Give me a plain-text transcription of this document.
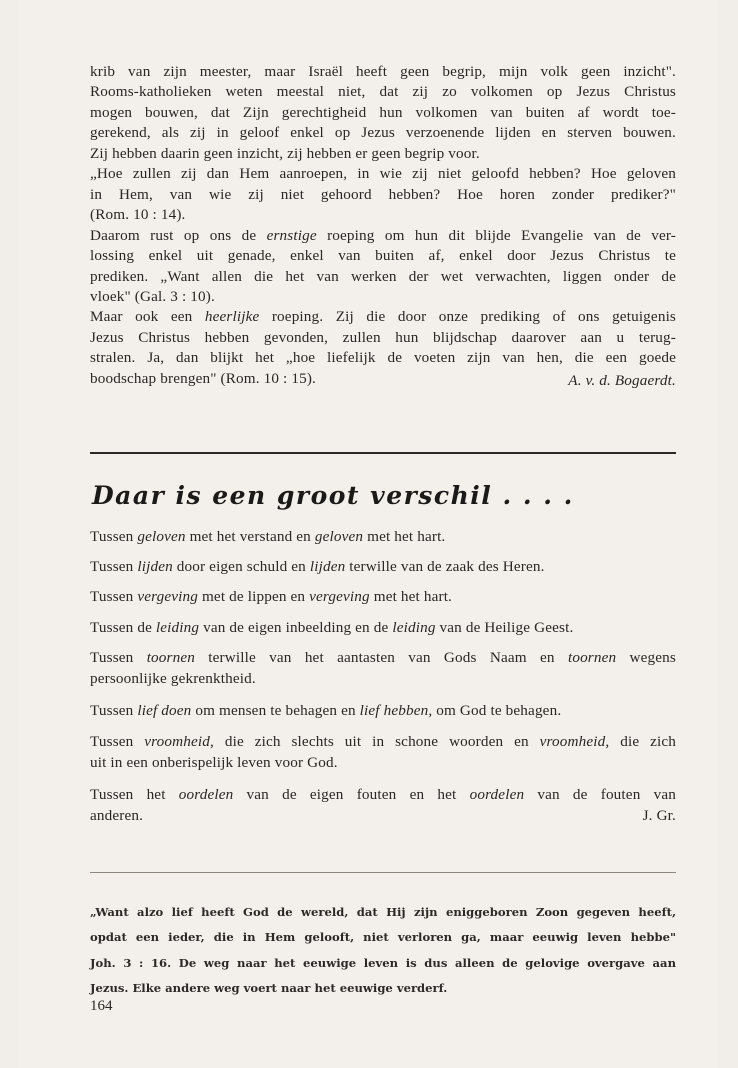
krib van zijn meester, maar Israël heeft geen begrip, mijn volk geen inzicht".
Rooms-katholieken weten meestal niet, dat zij zo volkomen op Jezus Christus
mogen bouwen, dat Zijn gerechtigheid hun volkomen van buiten af wordt toe-
gerekend, als zij in geloof enkel op Jezus verzoenende lijden en sterven bouwen.
Zij hebben daarin geen inzicht, zij hebben er geen begrip voor.
„Hoe zullen zij dan Hem aanroepen, in wie zij niet geloofd hebben? Hoe geloven
in Hem, van wie zij niet gehoord hebben? Hoe horen zonder prediker?"
(Rom. 10 : 14).
Daarom rust op ons de ernstige roeping om hun dit blijde Evangelie van de ver-
lossing enkel uit genade, enkel van buiten af, enkel door Jezus Christus te
prediken. „Want allen die het van werken der wet verwachten, liggen onder de
vloek" (Gal. 3 : 10).
Maar ook een heerlijke roeping. Zij die door onze prediking of ons getuigenis
Jezus Christus hebben gevonden, zullen hun blijdschap daarover aan u terug-
stralen. Ja, dan blijkt het „hoe liefelijk de voeten zijn van hen, die een goede
boodschap brengen" (Rom. 10 : 15).	A. v. d. Bogaerdt.
Daar is een groot verschil . . . .
Tussen geloven met het verstand en geloven met het hart.
Tussen lijden door eigen schuld en lijden terwille van de zaak des Heren.
Tussen vergeving met de lippen en vergeving met het hart.
Tussen de leiding van de eigen inbeelding en de leiding van de Heilige Geest.
Tussen toornen terwille van het aantasten van Gods Naam en toornen wegens
persoonlijke gekrenktheid.
Tussen lief doen om mensen te behagen en lief hebben, om God te behagen.
Tussen vroomheid, die zich slechts uit in schone woorden en vroomheid, die zich
uit in een onberispelijk leven voor God.
Tussen het oordelen van de eigen fouten en het oordelen van de fouten van
anderen.	J. Gr.
„Want alzo lief heeft God de wereld, dat Hij zijn eniggeboren Zoon gegeven heeft,
opdat een ieder, die in Hem gelooft, niet verloren ga, maar eeuwig leven hebbe"
Joh. 3 : 16. De weg naar het eeuwige leven is dus alleen de gelovige overgave aan
Jezus. Elke andere weg voert naar het eeuwige verderf.
164
